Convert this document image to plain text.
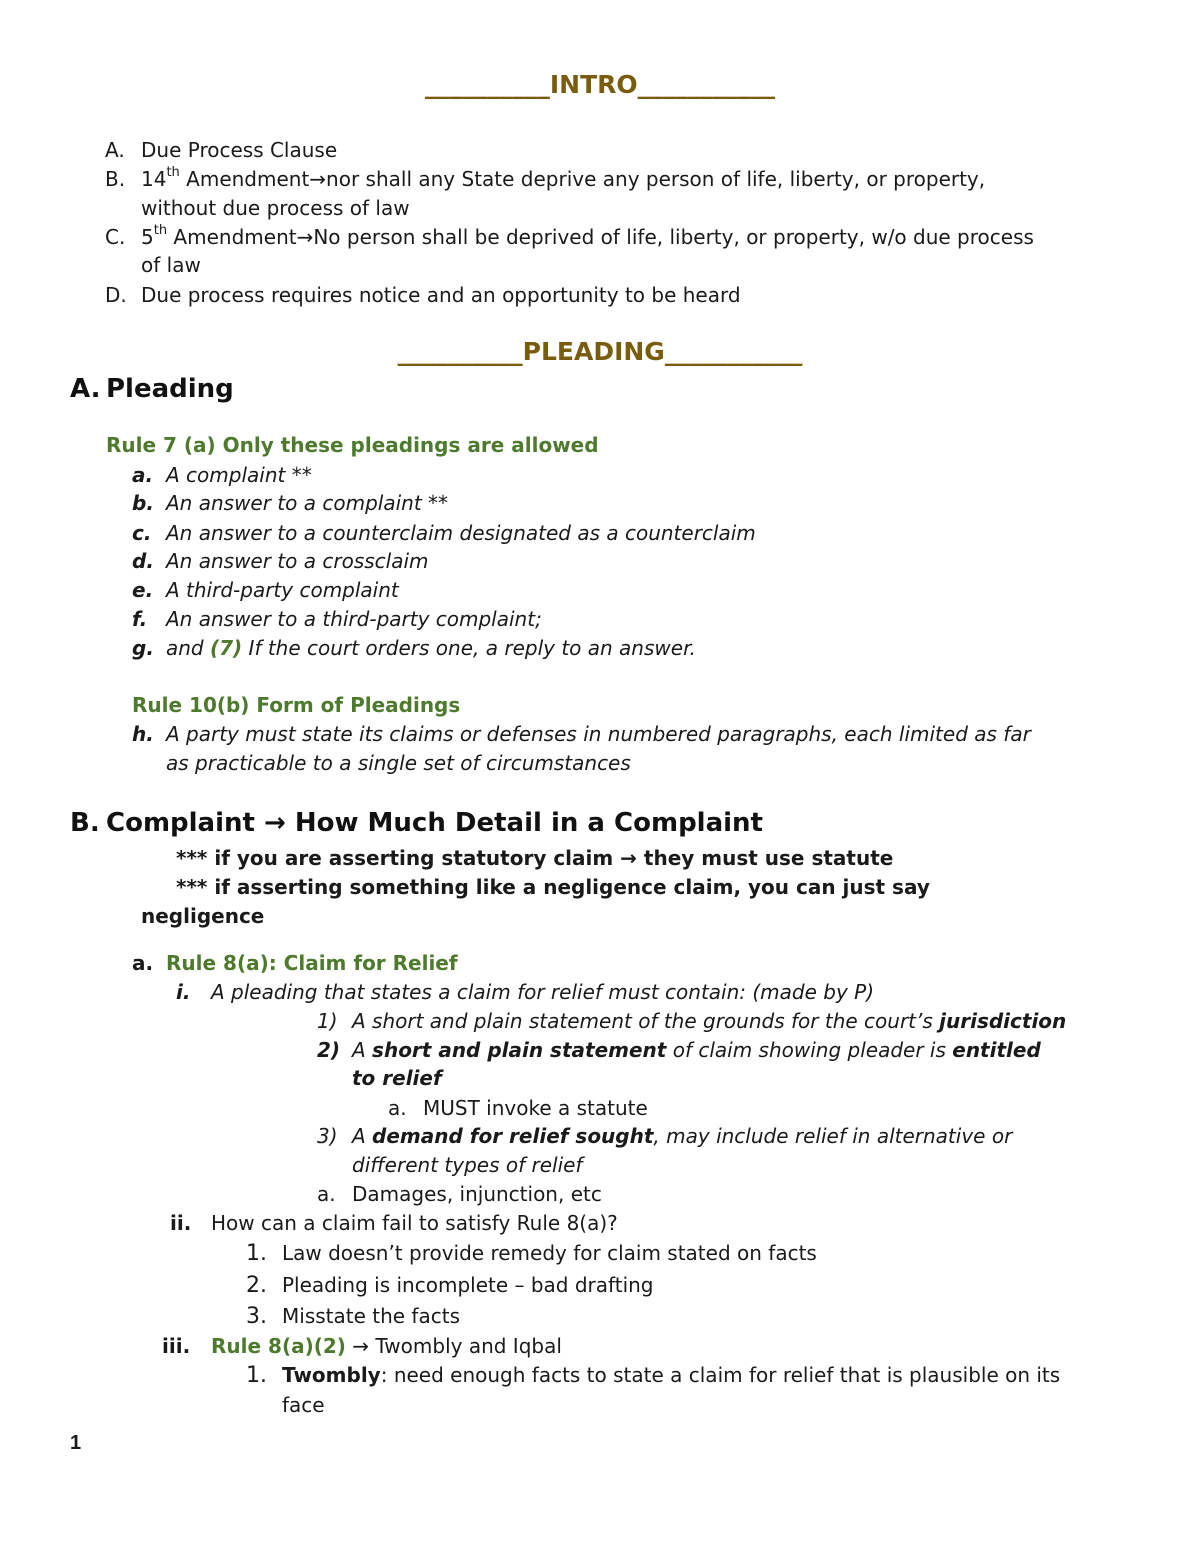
__________INTRO___________
A. Due Process Clause
B. 14th Amendment→nor shall any State deprive any person of life, liberty, or property,
without due process of law
C. 5th Amendment→No person shall be deprived of life, liberty, or property, w/o due process
of law
D. Due process requires notice and an opportunity to be heard
__________PLEADING___________
A. Pleading
Rule 7 (a) Only these pleadings are allowed
a. A complaint **
b. An answer to a complaint **
c. An answer to a counterclaim designated as a counterclaim
d. An answer to a crossclaim
e. A third-party complaint
f. An answer to a third-party complaint;
g. and (7) If the court orders one, a reply to an answer.
Rule 10(b) Form of Pleadings
h. A party must state its claims or defenses in numbered paragraphs, each limited as far
as practicable to a single set of circumstances
B. Complaint → How Much Detail in a Complaint
*** if you are asserting statutory claim → they must use statute
*** if asserting something like a negligence claim, you can just say
negligence
a. Rule 8(a): Claim for Relief
i. A pleading that states a claim for relief must contain: (made by P)
1) A short and plain statement of the grounds for the court’s jurisdiction
2) A short and plain statement of claim showing pleader is entitled
to relief
a. MUST invoke a statute
3) A demand for relief sought, may include relief in alternative or
different types of relief
a. Damages, injunction, etc
ii. How can a claim fail to satisfy Rule 8(a)?
1. Law doesn’t provide remedy for claim stated on facts
2. Pleading is incomplete – bad drafting
3. Misstate the facts
iii. Rule 8(a)(2) → Twombly and Iqbal
1. Twombly: need enough facts to state a claim for relief that is plausible on its
face
1
